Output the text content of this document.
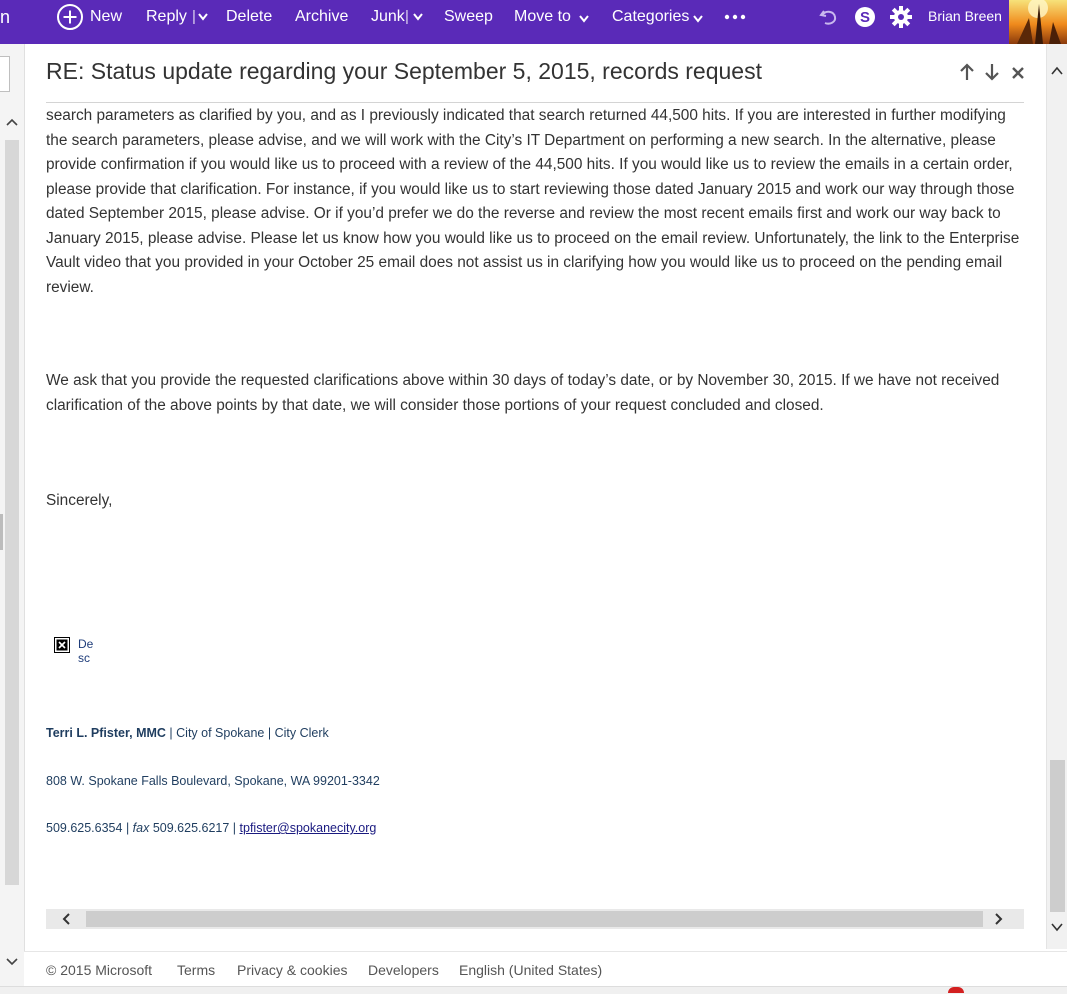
n	New Reply | Delete Archive Junk | Sweep Move to	Categories	S	Brian Breen
RE: Status update regarding your September 5, 2015, records request

search parameters as clarified by you, and as I previously indicated that search returned 44,500 hits. If you are interested in further modifying the search parameters, please advise, and we will work with the City’s IT Department on performing a new search. In the alternative, please provide confirmation if you would like us to proceed with a review of the 44,500 hits. If you would like us to review the emails in a certain order, please provide that clarification. For instance, if you would like us to start reviewing those dated January 2015 and work our way through those dated September 2015, please advise. Or if you’d prefer we do the reverse and review the most recent emails first and work our way back to January 2015, please advise. Please let us know how you would like us to proceed on the email review. Unfortunately, the link to the Enterprise Vault video that you provided in your October 25 email does not assist us in clarifying how you would like us to proceed on the pending email review.

We ask that you provide the requested clarifications above within 30 days of today’s date, or by November 30, 2015. If we have not received clarification of the above points by that date, we will consider those portions of your request concluded and closed.

Sincerely,

Desc
Terri L. Pfister, MMC | City of Spokane | City Clerk
808 W. Spokane Falls Boulevard, Spokane, WA 99201-3342
509.625.6354 | fax 509.625.6217 | tpfister@spokanecity.org
© 2015 Microsoft Terms Privacy & cookies Developers English (United States)
